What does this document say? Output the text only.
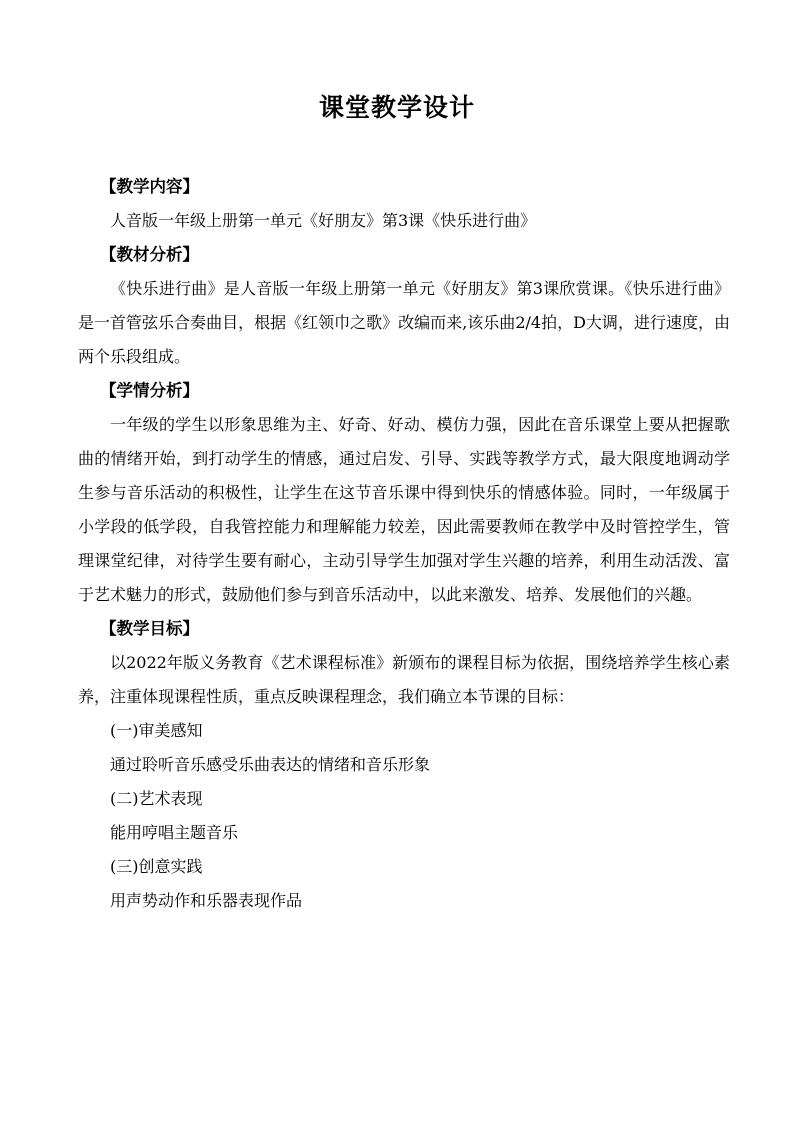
课堂教学设计

【教学内容】

人音版一年级上册第一单元《好朋友》第3课《快乐进行曲》

【教材分析】

《快乐进行曲》是人音版一年级上册第一单元《好朋友》第3课欣赏课。《快乐进行曲》是一首管弦乐合奏曲目，根据《红领巾之歌》改编而来,该乐曲2/4拍，D大调，进行速度，由两个乐段组成。

【学情分析】

一年级的学生以形象思维为主、好奇、好动、模仿力强，因此在音乐课堂上要从把握歌曲的情绪开始，到打动学生的情感，通过启发、引导、实践等教学方式，最大限度地调动学生参与音乐活动的积极性，让学生在这节音乐课中得到快乐的情感体验。同时，一年级属于小学段的低学段，自我管控能力和理解能力较差，因此需要教师在教学中及时管控学生，管理课堂纪律，对待学生要有耐心，主动引导学生加强对学生兴趣的培养，利用生动活泼、富于艺术魅力的形式，鼓励他们参与到音乐活动中，以此来激发、培养、发展他们的兴趣。

【教学目标】

以2022年版义务教育《艺术课程标准》新颁布的课程目标为依据，围绕培养学生核心素养，注重体现课程性质，重点反映课程理念，我们确立本节课的目标：

(一)审美感知

通过聆听音乐感受乐曲表达的情绪和音乐形象

(二)艺术表现

能用哼唱主题音乐

(三)创意实践

用声势动作和乐器表现作品
